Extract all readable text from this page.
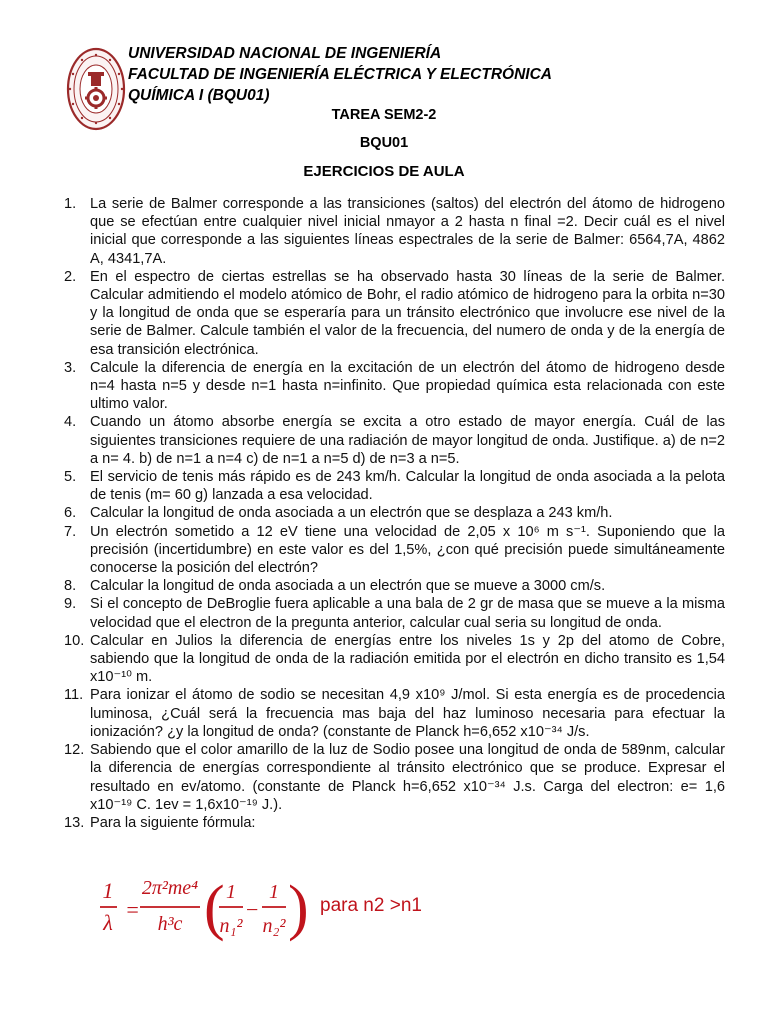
UNIVERSIDAD NACIONAL DE INGENIERÍA
FACULTAD DE INGENIERÍA ELÉCTRICA Y ELECTRÓNICA
QUÍMICA I (BQU01)
TAREA SEM2-2
BQU01
EJERCICIOS DE AULA
1. La serie de Balmer corresponde a las transiciones (saltos) del electrón del átomo de hidrogeno que se efectúan entre cualquier nivel inicial nmayor a 2 hasta n final =2. Decir cuál es el nivel inicial que corresponde a las siguientes líneas espectrales de la serie de Balmer: 6564,7A, 4862 A, 4341,7A.
2. En el espectro de ciertas estrellas se ha observado hasta 30 líneas de la serie de Balmer. Calcular admitiendo el modelo atómico de Bohr, el radio atómico de hidrogeno para la orbita n=30 y la longitud de onda que se esperaría para un tránsito electrónico que involucre ese nivel de la serie de Balmer. Calcule también el valor de la frecuencia, del numero de onda y de la energía de esa transición electrónica.
3. Calcule la diferencia de energía en la excitación de un electrón del átomo de hidrogeno desde n=4 hasta n=5 y desde n=1 hasta n=infinito. Que propiedad química esta relacionada con este ultimo valor.
4. Cuando un átomo absorbe energía se excita a otro estado de mayor energía. Cuál de las siguientes transiciones requiere de una radiación de mayor longitud de onda. Justifique. a) de n=2 a n= 4. b) de n=1 a n=4 c) de n=1 a n=5 d) de n=3 a n=5.
5. El servicio de tenis más rápido es de 243 km/h. Calcular la longitud de onda asociada a la pelota de tenis (m= 60 g) lanzada a esa velocidad.
6. Calcular la longitud de onda asociada a un electrón que se desplaza a 243 km/h.
7. Un electrón sometido a 12 eV tiene una velocidad de 2,05 x 10⁶ m s⁻¹. Suponiendo que la precisión (incertidumbre) en este valor es del 1,5%, ¿con qué precisión puede simultáneamente conocerse la posición del electrón?
8. Calcular la longitud de onda asociada a un electrón que se mueve a 3000 cm/s.
9. Si el concepto de DeBroglie fuera aplicable a una bala de 2 gr de masa que se mueve a la misma velocidad que el electron de la pregunta anterior, calcular cual seria su longitud de onda.
10. Calcular en Julios la diferencia de energías entre los niveles 1s y 2p del atomo de Cobre, sabiendo que la longitud de onda de la radiación emitida por el electrón en dicho transito es 1,54 x10⁻¹⁰ m.
11. Para ionizar el átomo de sodio se necesitan 4,9 x10⁹ J/mol. Si esta energía es de procedencia luminosa, ¿Cuál será la frecuencia mas baja del haz luminoso necesaria para efectuar la ionización? ¿y la longitud de onda? (constante de Planck h=6,652 x10⁻³⁴ J/s.
12. Sabiendo que el color amarillo de la luz de Sodio posee una longitud de onda de 589nm, calcular la diferencia de energías correspondiente al tránsito electrónico que se produce. Expresar el resultado en ev/atomo. (constante de Planck h=6,652 x10⁻³⁴ J.s. Carga del electron: e= 1,6 x10⁻¹⁹ C. 1ev = 1,6x10⁻¹⁹ J.).
13. Para la siguiente fórmula:
1
λ
=
2π²me⁴
h³c ( 1
n₁²
−
1
n₂² ) para n2 >n1
